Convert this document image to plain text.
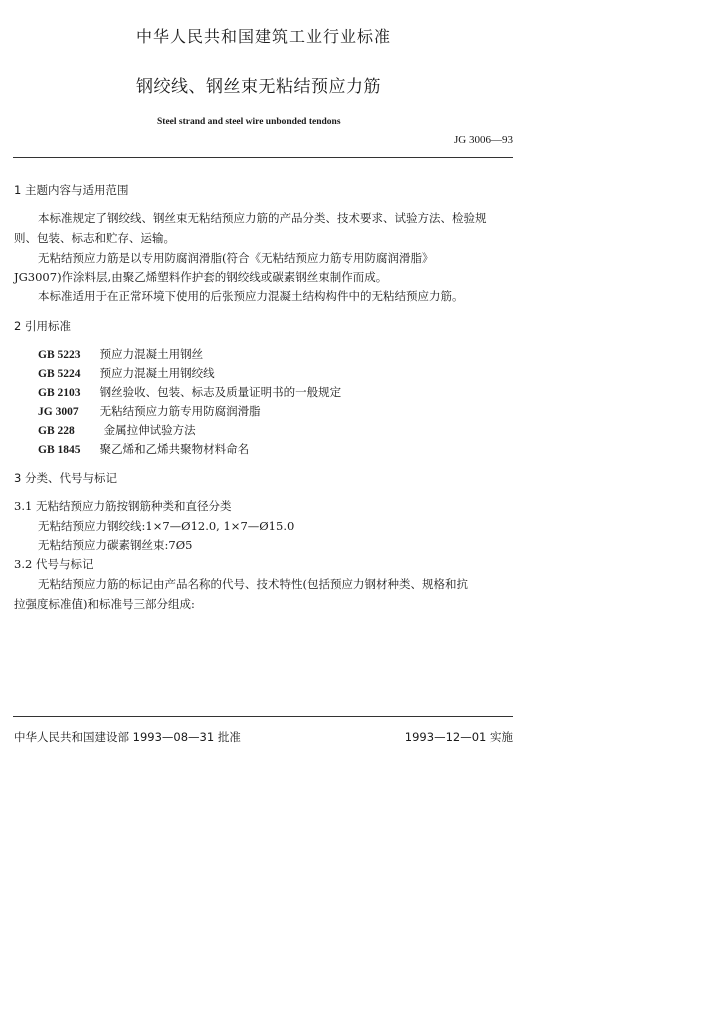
中华人民共和国建筑工业行业标准
钢绞线、钢丝束无粘结预应力筋
Steel strand and steel wire unbonded tendons
JG 3006—93
1 主题内容与适用范围
本标准规定了钢绞线、钢丝束无粘结预应力筋的产品分类、技术要求、试验方法、检验规
则、包装、标志和贮存、运输。
无粘结预应力筋是以专用防腐润滑脂(符合《无粘结预应力筋专用防腐润滑脂》
JG3007)作涂料层,由聚乙烯塑料作护套的钢绞线或碳素钢丝束制作而成。
本标准适用于在正常环境下使用的后张预应力混凝土结构构件中的无粘结预应力筋。
2 引用标准
GB 5223 预应力混凝土用钢丝
GB 5224 预应力混凝土用钢绞线
GB 2103 钢丝验收、包装、标志及质量证明书的一般规定
JG 3007 无粘结预应力筋专用防腐润滑脂
GB 228	金属拉伸试验方法
GB 1845 聚乙烯和乙烯共聚物材料命名
3 分类、代号与标记
3.1 无粘结预应力筋按钢筋种类和直径分类
无粘结预应力钢绞线:1×7—Ø12.0, 1×7—Ø15.0
无粘结预应力碳素钢丝束:7Ø5
3.2 代号与标记
无粘结预应力筋的标记由产品名称的代号、技术特性(包括预应力钢材种类、规格和抗
拉强度标准值)和标准号三部分组成:
中华人民共和国建设部 1993—08—31 批准	1993—12—01 实施
